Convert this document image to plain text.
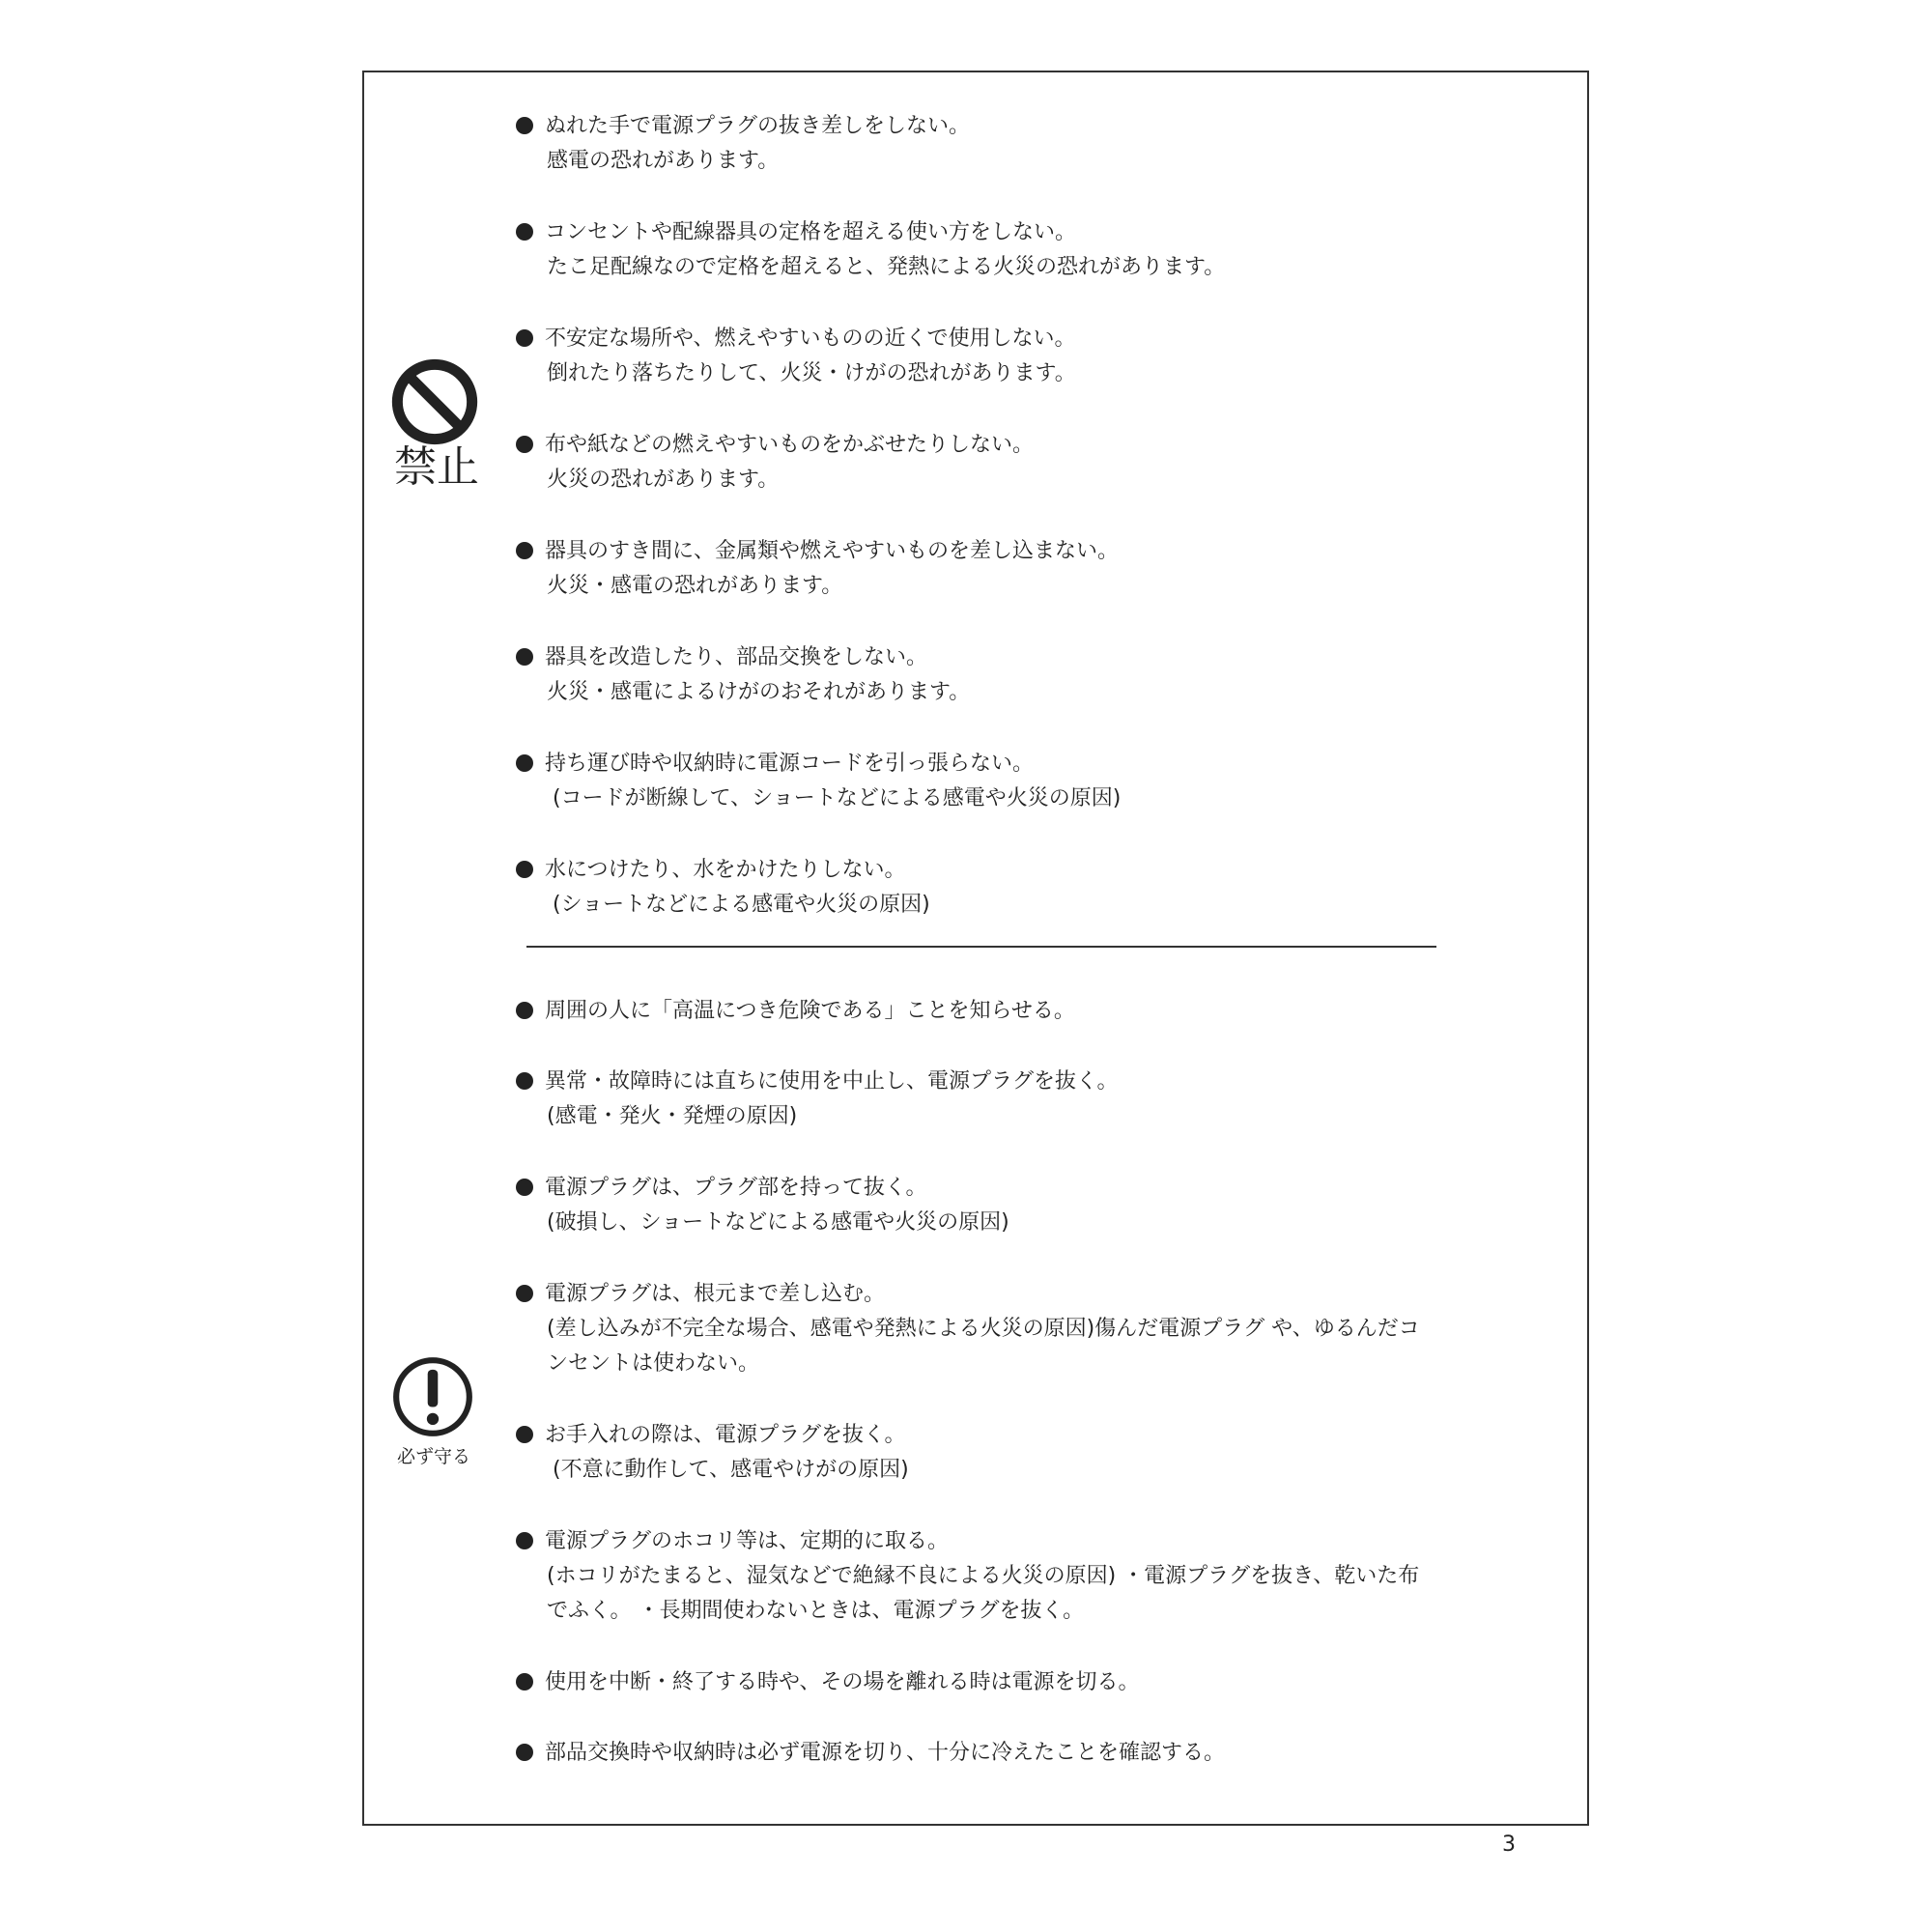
禁止
ぬれた手で電源プラグの抜き差しをしない。
感電の恐れがあります。
コンセントや配線器具の定格を超える使い方をしない。
たこ足配線なので定格を超えると、発熱による火災の恐れがあります。
不安定な場所や、燃えやすいものの近くで使用しない。
倒れたり落ちたりして、火災・けがの恐れがあります。
布や紙などの燃えやすいものをかぶせたりしない。
火災の恐れがあります。
器具のすき間に、金属類や燃えやすいものを差し込まない。
火災・感電の恐れがあります。
器具を改造したり、部品交換をしない。
火災・感電によるけがのおそれがあります。
持ち運び時や収納時に電源コードを引っ張らない。
(コードが断線して、ショートなどによる感電や火災の原因)
水につけたり、水をかけたりしない。
(ショートなどによる感電や火災の原因)
必ず守る
周囲の人に「高温につき危険である」ことを知らせる。
異常・故障時には直ちに使用を中止し、電源プラグを抜く。
(感電・発火・発煙の原因)
電源プラグは、プラグ部を持って抜く。
(破損し、ショートなどによる感電や火災の原因)
電源プラグは、根元まで差し込む。
(差し込みが不完全な場合、感電や発熱による火災の原因)傷んだ電源プラグ や、ゆるんだコンセントは使わない。
お手入れの際は、電源プラグを抜く。
(不意に動作して、感電やけがの原因)
電源プラグのホコリ等は、定期的に取る。
(ホコリがたまると、湿気などで絶縁不良による火災の原因) ・電源プラグを抜き、乾いた布でふく。 ・長期間使わないときは、電源プラグを抜く。
使用を中断・終了する時や、その場を離れる時は電源を切る。
部品交換時や収納時は必ず電源を切り、十分に冷えたことを確認する。
3
